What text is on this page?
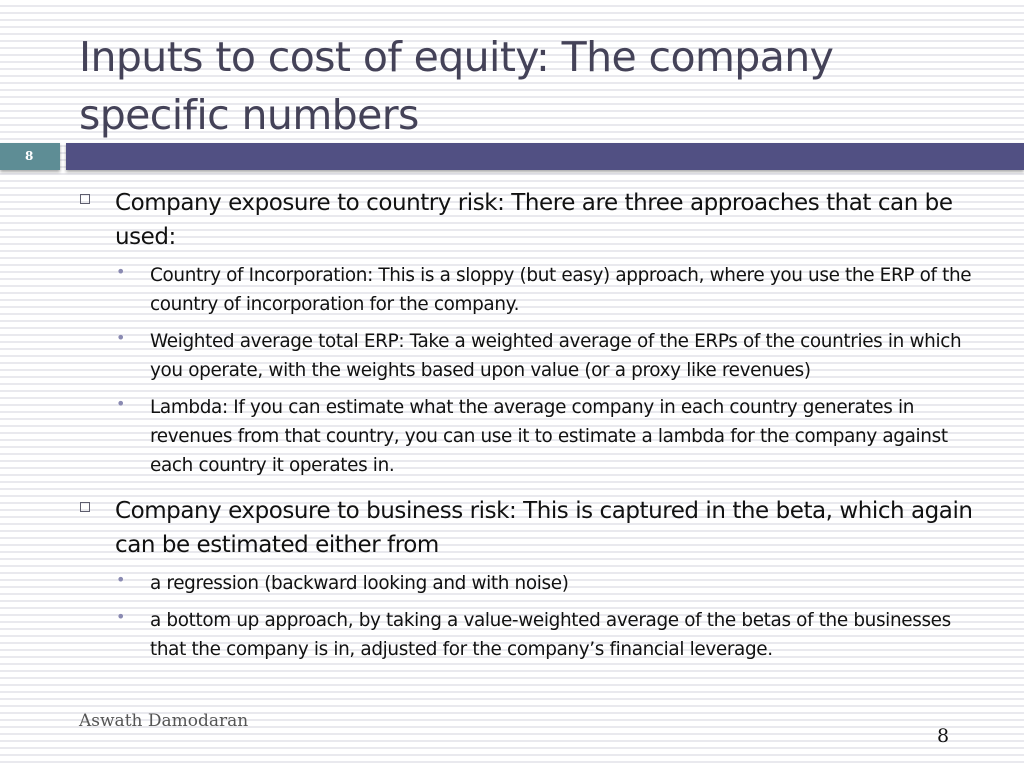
Inputs to cost of equity: The company specific numbers
8
Company exposure to country risk: There are three approaches that can be used:
• Country of Incorporation: This is a sloppy (but easy) approach, where you use the ERP of the country of incorporation for the company.
• Weighted average total ERP: Take a weighted average of the ERPs of the countries in which you operate, with the weights based upon value (or a proxy like revenues)
• Lambda: If you can estimate what the average company in each country generates in revenues from that country, you can use it to estimate a lambda for the company against each country it operates in.
Company exposure to business risk: This is captured in the beta, which again can be estimated either from
• a regression (backward looking and with noise)
• a bottom up approach, by taking a value-weighted average of the betas of the businesses that the company is in, adjusted for the company’s financial leverage.
Aswath Damodaran
8
